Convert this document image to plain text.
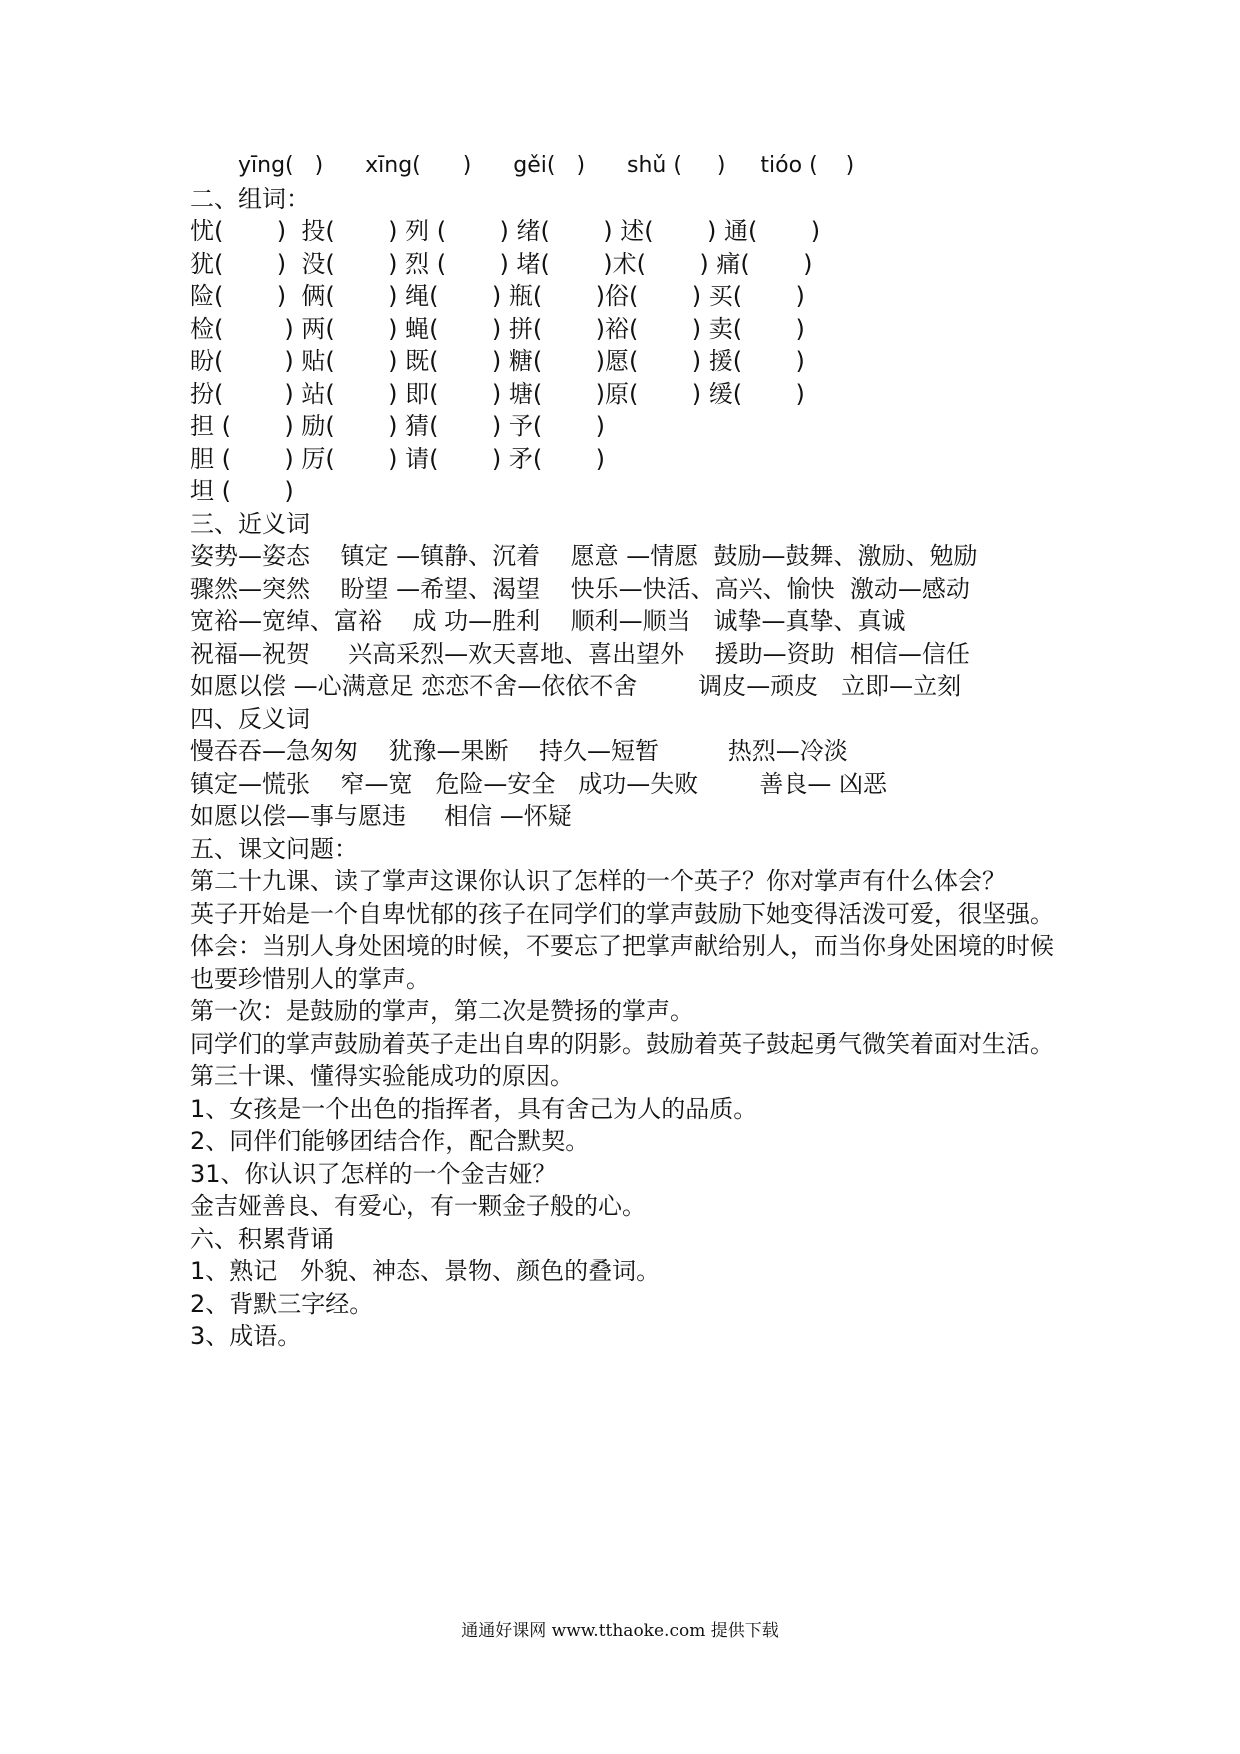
yīng(   )      xīng(      )      gěi(   )      shǔ (     )     tióo (    )
二、组词：
忧(       )  投(       ) 列 (       ) 绪(       ) 述(       ) 通(       )
犹(       )  没(       ) 烈 (       ) 堵(       )术(       ) 痛(       )
险(       )  俩(       ) 绳(       ) 瓶(       )俗(       ) 买(       )
检(        ) 两(       ) 蝇(       ) 拼(       )裕(       ) 卖(       )
盼(        ) 贴(       ) 既(       ) 糖(       )愿(       ) 援(       )
扮(        ) 站(       ) 即(       ) 塘(       )原(       ) 缓(       )
担 (       ) 励(       ) 猜(       ) 予(       )
胆 (       ) 厉(       ) 请(       ) 矛(       )
坦 (       )
三、近义词
姿势—姿态    镇定 —镇静、沉着    愿意 —情愿  鼓励—鼓舞、激励、勉励
骤然—突然    盼望 —希望、渴望    快乐—快活、高兴、愉快  激动—感动
宽裕—宽绰、富裕    成 功—胜利    顺利—顺当   诚挚—真挚、真诚
祝福—祝贺     兴高采烈—欢天喜地、喜出望外    援助—资助  相信—信任
如愿以偿 —心满意足 恋恋不舍—依依不舍        调皮—顽皮   立即—立刻
四、反义词
慢吞吞—急匆匆    犹豫—果断    持久—短暂         热烈—冷淡
镇定—慌张    窄—宽   危险—安全   成功—失败        善良— 凶恶
如愿以偿—事与愿违     相信 —怀疑
五、课文问题：
第二十九课、读了掌声这课你认识了怎样的一个英子？你对掌声有什么体会？
英子开始是一个自卑忧郁的孩子在同学们的掌声鼓励下她变得活泼可爱，很坚强。
体会：当别人身处困境的时候，不要忘了把掌声献给别人，而当你身处困境的时候也要珍惜别人的掌声。
第一次：是鼓励的掌声，第二次是赞扬的掌声。
同学们的掌声鼓励着英子走出自卑的阴影。鼓励着英子鼓起勇气微笑着面对生活。
第三十课、懂得实验能成功的原因。
1、女孩是一个出色的指挥者，具有舍己为人的品质。
2、同伴们能够团结合作，配合默契。
31、你认识了怎样的一个金吉娅？
金吉娅善良、有爱心，有一颗金子般的心。
六、积累背诵
1、熟记   外貌、神态、景物、颜色的叠词。
2、背默三字经。
3、成语。
通通好课网 www.tthaoke.com 提供下载
